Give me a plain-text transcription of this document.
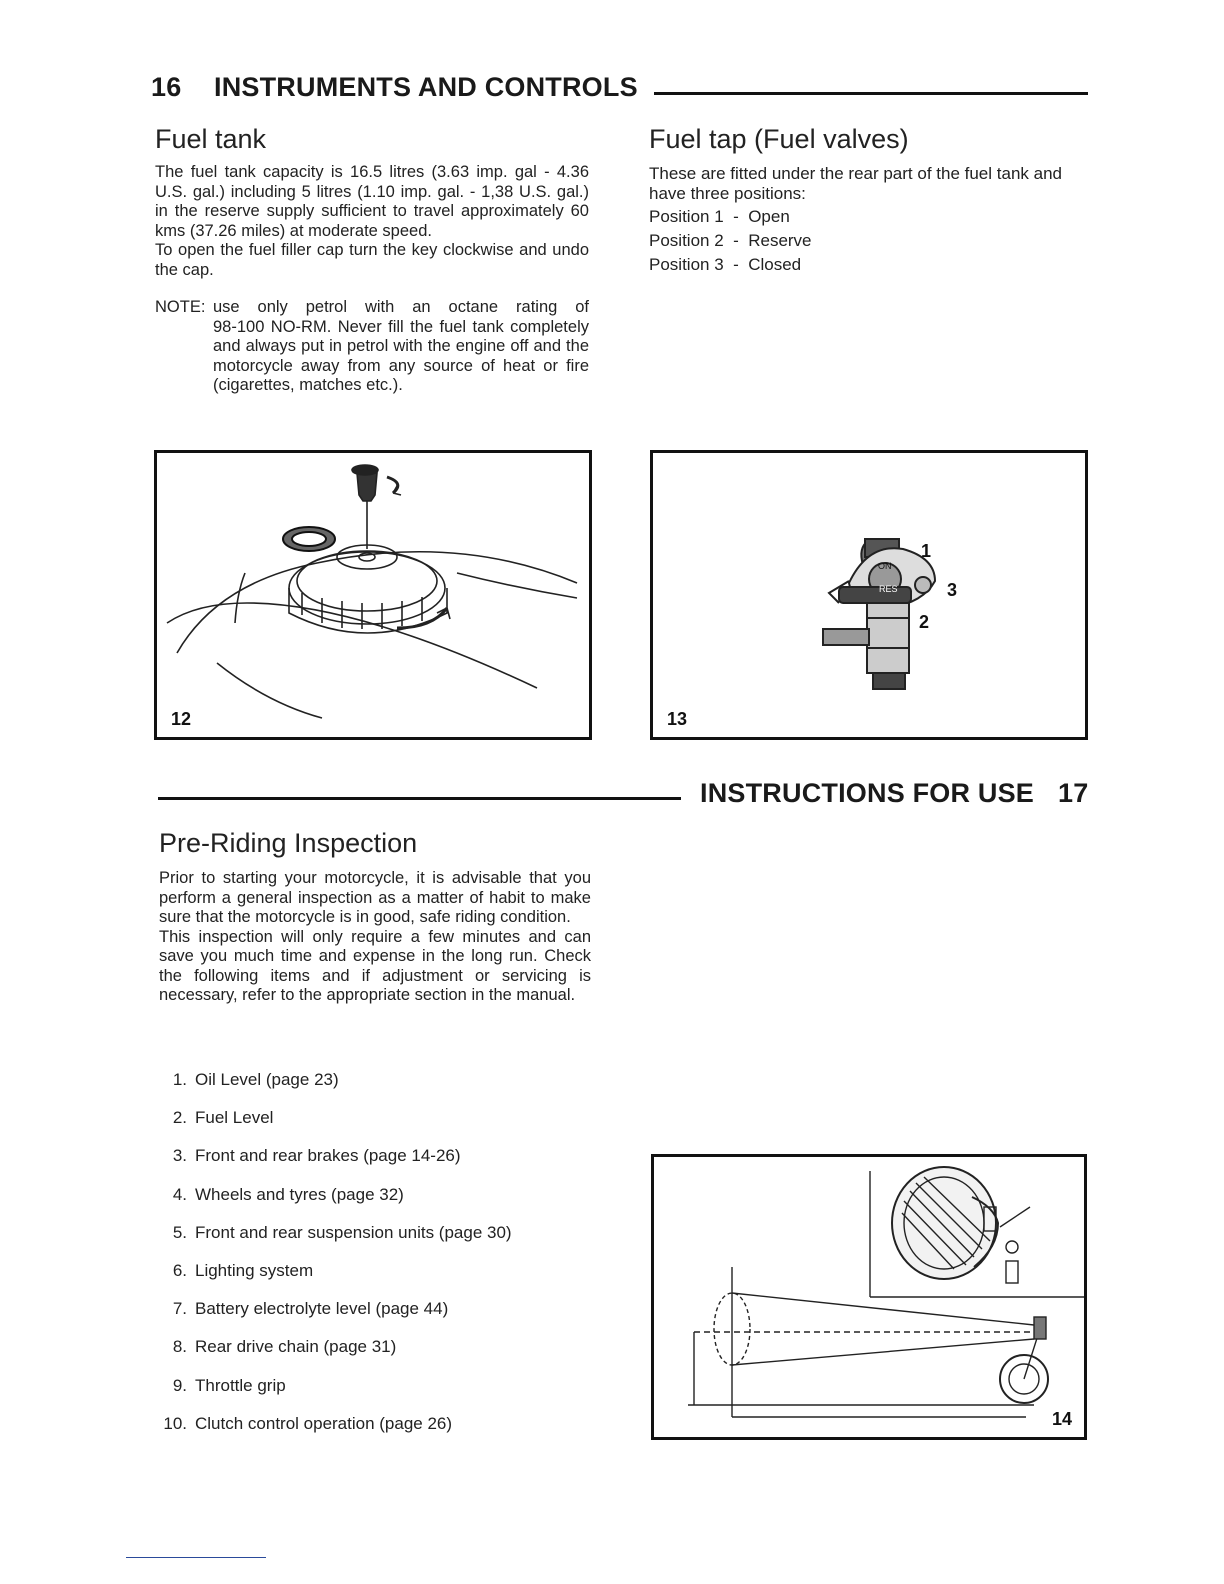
16 INSTRUMENTS AND CONTROLS
Fuel tank

The fuel tank capacity is 16.5 litres (3.63 imp. gal - 4.36 U.S. gal.) including 5 litres (1.10 imp. gal. - 1,38 U.S. gal.) in the reserve supply sufficient to travel approximately 60 kms (37.26 miles) at moderate speed.

To open the fuel filler cap turn the key clockwise and undo the cap.

NOTE: use only petrol with an octane rating of
98-100 NO-RM. Never fill the fuel tank completely and always put in petrol with the engine off and the motorcycle away from any source of heat or fire (cigarettes, matches etc.).
Fuel tap (Fuel valves)

These are fitted under the rear part of the fuel tank and have three positions:

Position 1  -  Open
Position 2  -  Reserve
Position 3  -  Closed
12
ON
RES
1
2
3
13
INSTRUCTIONS FOR USE 17
Pre-Riding Inspection

Prior to starting your motorcycle, it is advisable that you perform a general inspection as a matter of habit to make sure that the motorcycle is in good, safe riding condition.

This inspection will only require a few minutes and can save you much time and expense in the long run. Check the following items and if adjustment or servicing is necessary, refer to the appropriate section in the manual.

1. Oil Level (page 23)
2. Fuel Level
3. Front and rear brakes (page 14-26)
4. Wheels and tyres (page 32)
5. Front and rear suspension units (page 30)
6. Lighting system
7. Battery electrolyte level (page 44)
8. Rear drive chain (page 31)
9. Throttle grip
10. Clutch control operation (page 26)	14
